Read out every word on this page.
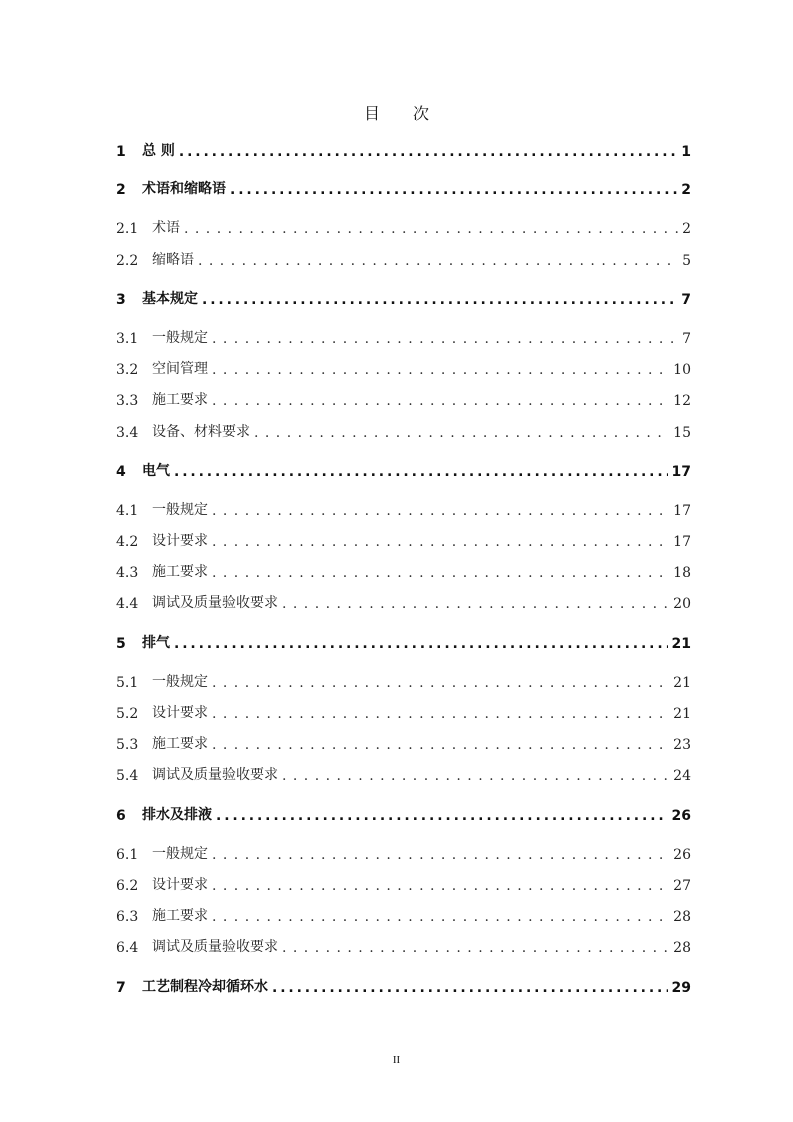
目 次
1	总 则 . . .	1
2	术语和缩略语 . . .	2
2.1 术语 . . .	2
2.2 缩略语 . . .	5
3	基本规定 . . .	7
3.1 一般规定 . . .	7
3.2 空间管理 . . .	10
3.3 施工要求 . . .	12
3.4 设备、材料要求 . . .	15
4	电气 . . .	17
4.1 一般规定 . . .	17
4.2 设计要求 . . .	17
4.3 施工要求 . . .	18
4.4 调试及质量验收要求 . . .	20
5	排气 . . .	21
5.1 一般规定 . . .	21
5.2 设计要求 . . .	21
5.3 施工要求 . . .	23
5.4 调试及质量验收要求 . . .	24
6	排水及排液 . . .	26
6.1 一般规定 . . .	26
6.2 设计要求 . . .	27
6.3 施工要求 . . .	28
6.4 调试及质量验收要求 . . .	28
7	工艺制程冷却循环水 . . .	29
II
